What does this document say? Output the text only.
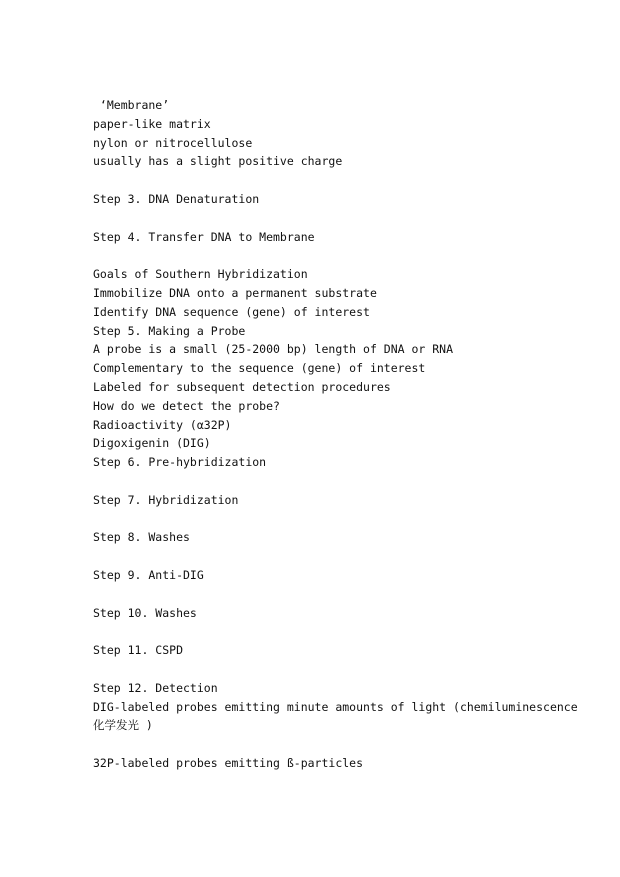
‘Membrane’
paper-like matrix
nylon or nitrocellulose
usually has a slight positive charge
Step 3. DNA Denaturation
Step 4. Transfer DNA to Membrane
Goals of Southern Hybridization
Immobilize DNA onto a permanent substrate
Identify DNA sequence (gene) of interest
Step 5. Making a Probe
A probe is a small (25-2000 bp) length of DNA or RNA
Complementary to the sequence (gene) of interest
Labeled for subsequent detection procedures
How do we detect the probe?
Radioactivity (α32P)
Digoxigenin (DIG)
Step 6. Pre-hybridization
Step 7. Hybridization
Step 8. Washes
Step 9. Anti-DIG
Step 10. Washes
Step 11. CSPD
Step 12. Detection
DIG-labeled probes emitting minute amounts of light (chemiluminescence
化学发光 )
32P-labeled probes emitting ß-particles
